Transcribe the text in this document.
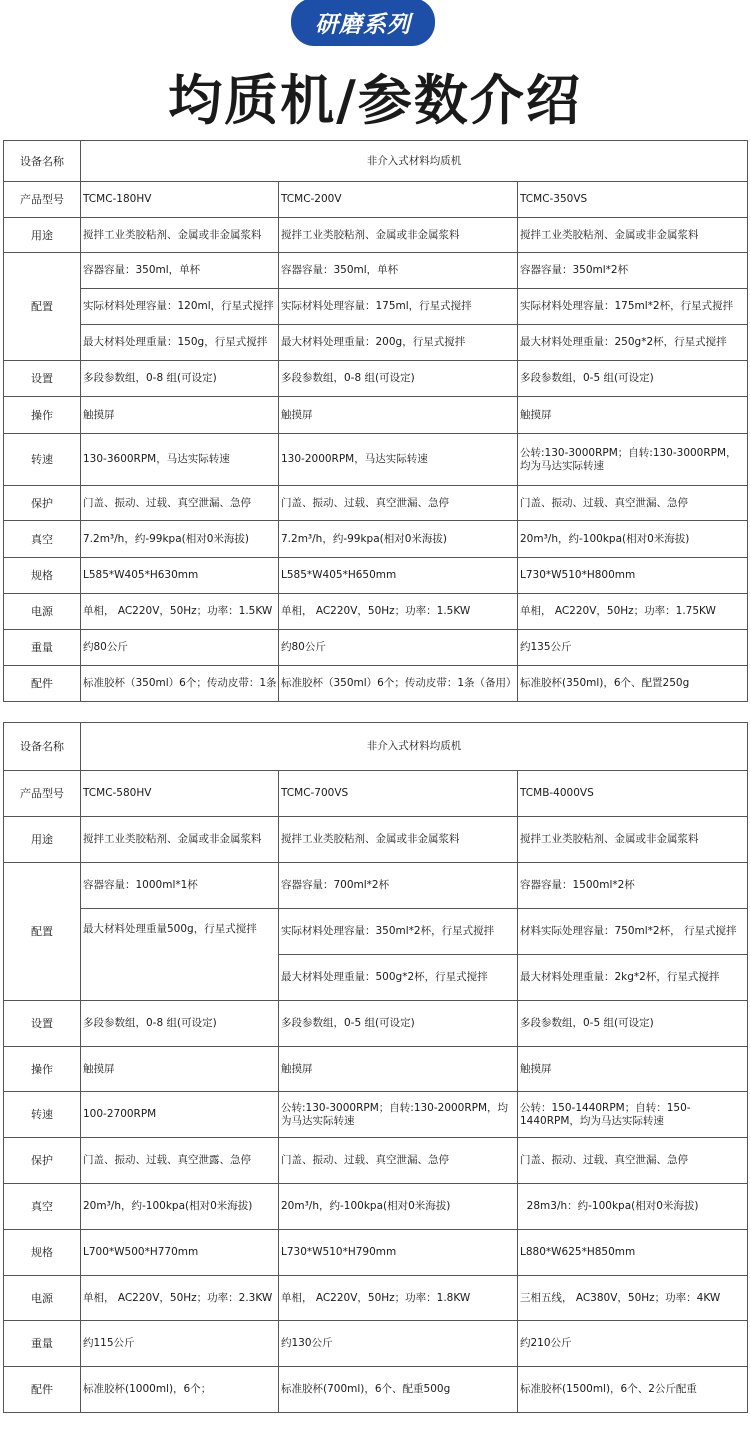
研磨系列
均质机/参数介绍
设备名称	非介入式材料均质机		
产品型号	TCMC-180HV	TCMC-200V	TCMC-350VS
用途	搅拌工业类胶粘剂、金属或非金属浆料	搅拌工业类胶粘剂、金属或非金属浆料	搅拌工业类胶粘剂、金属或非金属浆料
配置	容器容量：350ml，单杯	容器容量：350ml，单杯	容器容量：350ml*2杯
	实际材料处理容量：120ml，行星式搅拌	实际材料处理容量：175ml，行星式搅拌	实际材料处理容量：175ml*2杯，行星式搅拌
	最大材料处理重量：150g，行星式搅拌	最大材料处理重量：200g，行星式搅拌	最大材料处理重量：250g*2杯，行星式搅拌
设置	多段参数组，0-8 组(可设定)	多段参数组，0-8 组(可设定)	多段参数组，0-5 组(可设定)
操作	触摸屏	触摸屏	触摸屏
转速	130-3600RPM，马达实际转速	130-2000RPM，马达实际转速	公转:130-3000RPM；自转:130-3000RPM，均为马达实际转速
保护	门盖、振动、过载、真空泄漏、急停	门盖、振动、过载、真空泄漏、急停	门盖、振动、过载、真空泄漏、急停
真空	7.2m³/h，约-99kpa(相对0米海拔)	7.2m³/h，约-99kpa(相对0米海拔)	20m³/h，约-100kpa(相对0米海拔)
规格	L585*W405*H630mm	L585*W405*H650mm	L730*W510*H800mm
电源	单相， AC220V，50Hz；功率：1.5KW	单相， AC220V，50Hz；功率：1.5KW	单相， AC220V，50Hz；功率：1.75KW
重量	约80公斤	约80公斤	约135公斤
配件	标准胶杯（350ml）6个；传动皮带：1条	标准胶杯（350ml）6个；传动皮带：1条（备用）	标准胶杯(350ml)，6个、配置250g
设备名称	非介入式材料均质机		
产品型号	TCMC-580HV	TCMC-700VS	TCMB-4000VS
用途	搅拌工业类胶粘剂、金属或非金属浆料	搅拌工业类胶粘剂、金属或非金属浆料	搅拌工业类胶粘剂、金属或非金属浆料
配置	容器容量：1000ml*1杯	容器容量：700ml*2杯	容器容量：1500ml*2杯
	最大材料处理重量500g，行星式搅拌	实际材料处理容量：350ml*2杯，行星式搅拌	材料实际处理容量：750ml*2杯， 行星式搅拌
		最大材料处理重量：500g*2杯，行星式搅拌	最大材料处理重量：2kg*2杯，行星式搅拌
设置	多段参数组，0-8 组(可设定)	多段参数组，0-5 组(可设定)	多段参数组，0-5 组(可设定)
操作	触摸屏	触摸屏	触摸屏
转速	100-2700RPM	公转:130-3000RPM；自转:130-2000RPM，均为马达实际转速	公转：150-1440RPM；自转：150-1440RPM，均为马达实际转速
保护	门盖、振动、过载、真空泄露、急停	门盖、振动、过载、真空泄漏、急停	门盖、振动、过载、真空泄漏、急停
真空	20m³/h，约-100kpa(相对0米海拔)	20m³/h，约-100kpa(相对0米海拔)	28m3/h：约-100kpa(相对0米海拔)
规格	L700*W500*H770mm	L730*W510*H790mm	L880*W625*H850mm
电源	单相， AC220V，50Hz；功率：2.3KW	单相， AC220V，50Hz；功率：1.8KW	三相五线， AC380V，50Hz；功率：4KW
重量	约115公斤	约130公斤	约210公斤
配件	标准胶杯(1000ml)，6个；	标准胶杯(700ml)，6个、配重500g	标准胶杯(1500ml)，6个、2公斤配重
